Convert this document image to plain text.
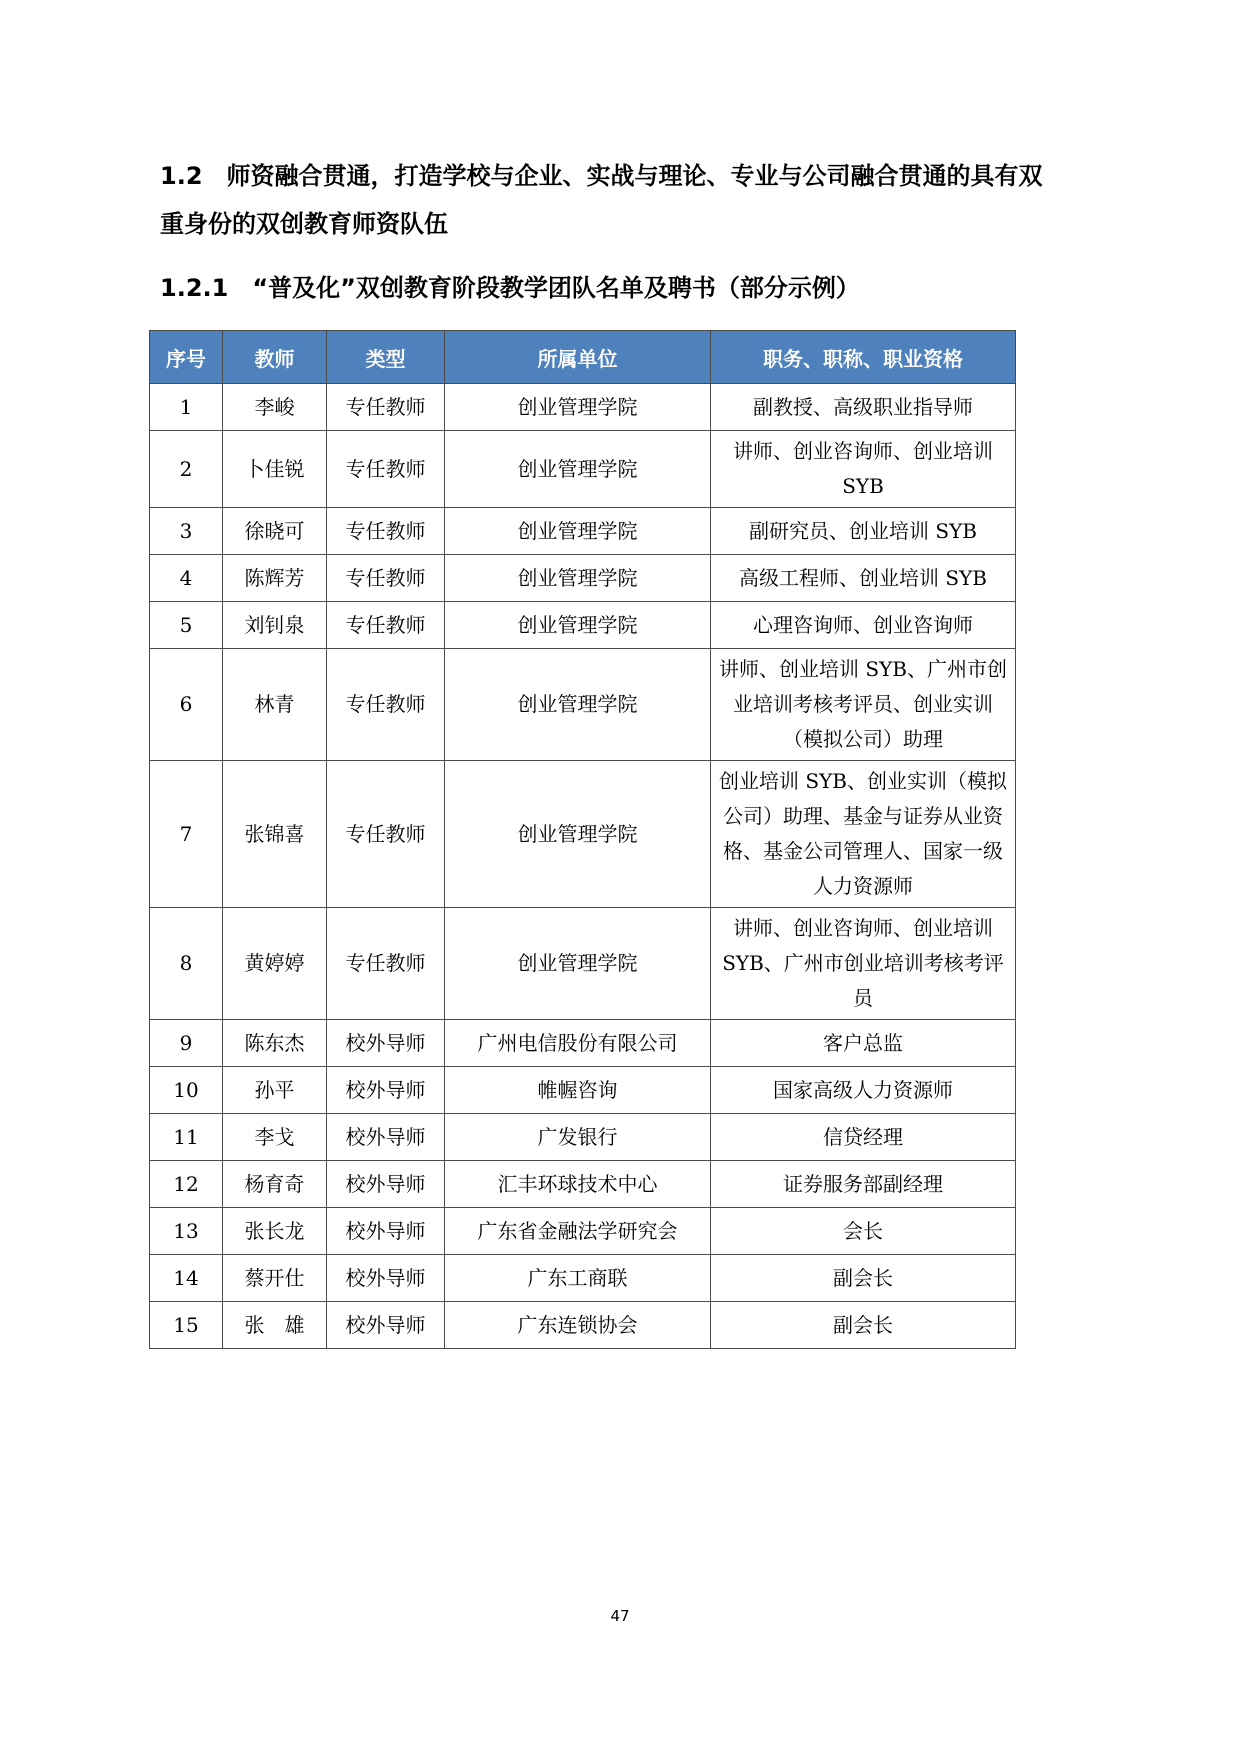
1.2 师资融合贯通，打造学校与企业、实战与理论、专业与公司融合贯通的具有双
重身份的双创教育师资队伍
1.2.1 “普及化”双创教育阶段教学团队名单及聘书（部分示例）
序号	教师	类型	所属单位	职务、职称、职业资格
1	李峻	专任教师	创业管理学院	副教授、高级职业指导师
2	卜佳锐	专任教师	创业管理学院	讲师、创业咨询师、创业培训 SYB
3	徐晓可	专任教师	创业管理学院	副研究员、创业培训 SYB
4	陈辉芳	专任教师	创业管理学院	高级工程师、创业培训 SYB
5	刘钊泉	专任教师	创业管理学院	心理咨询师、创业咨询师
6	林青	专任教师	创业管理学院	讲师、创业培训 SYB、广州市创业培训考核考评员、创业实训（模拟公司）助理
7	张锦喜	专任教师	创业管理学院	创业培训 SYB、创业实训（模拟公司）助理、基金与证券从业资格、基金公司管理人、国家一级人力资源师
8	黄婷婷	专任教师	创业管理学院	讲师、创业咨询师、创业培训 SYB、广州市创业培训考核考评员
9	陈东杰	校外导师	广州电信股份有限公司	客户总监
10	孙平	校外导师	帷幄咨询	国家高级人力资源师
11	李戈	校外导师	广发银行	信贷经理
12	杨育奇	校外导师	汇丰环球技术中心	证券服务部副经理
13	张长龙	校外导师	广东省金融法学研究会	会长
14	蔡开仕	校外导师	广东工商联	副会长
15	张　雄	校外导师	广东连锁协会	副会长
47
